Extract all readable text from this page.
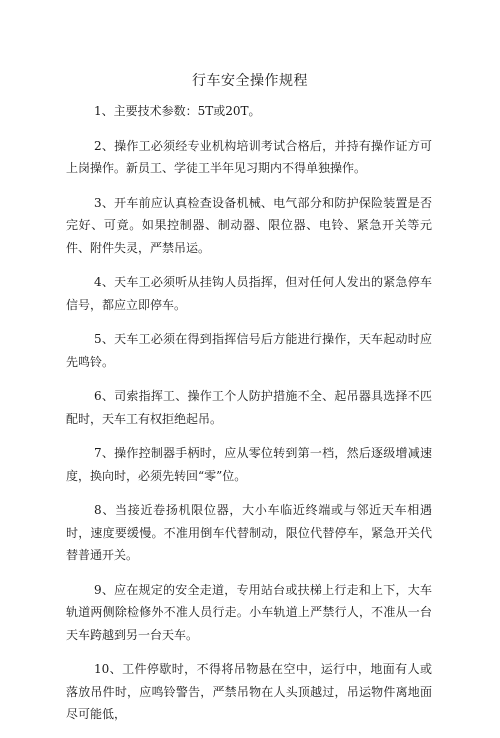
行车安全操作规程

1、主要技术参数：5T或20T。

2、操作工必须经专业机构培训考试合格后，并持有操作证方可上岗操作。新员工、学徒工半年见习期内不得单独操作。

3、开车前应认真检查设备机械、电气部分和防护保险装置是否完好、可竟。如果控制器、制动器、限位器、电铃、紧急开关等元件、附件失灵，严禁吊运。

4、天车工必须听从挂钩人员指挥，但对任何人发出的紧急停车信号，都应立即停车。

5、天车工必须在得到指挥信号后方能进行操作，天车起动时应先鸣铃。

6、司索指挥工、操作工个人防护措施不全、起吊器具选择不匹配时，天车工有权拒绝起吊。

7、操作控制器手柄时，应从零位转到第一档，然后逐级增减速度，换向时，必须先转回“零”位。

8、当接近卷扬机限位器，大小车临近终端或与邻近天车相遇时，速度要缓慢。不准用倒车代替制动，限位代替停车，紧急开关代替普通开关。

9、应在规定的安全走道，专用站台或扶梯上行走和上下，大车轨道两侧除检修外不准人员行走。小车轨道上严禁行人，不准从一台天车跨越到另一台天车。

10、工件停歇时，不得将吊物悬在空中，运行中，地面有人或落放吊件时，应鸣铃警告，严禁吊物在人头顶越过，吊运物件离地面尽可能低，
